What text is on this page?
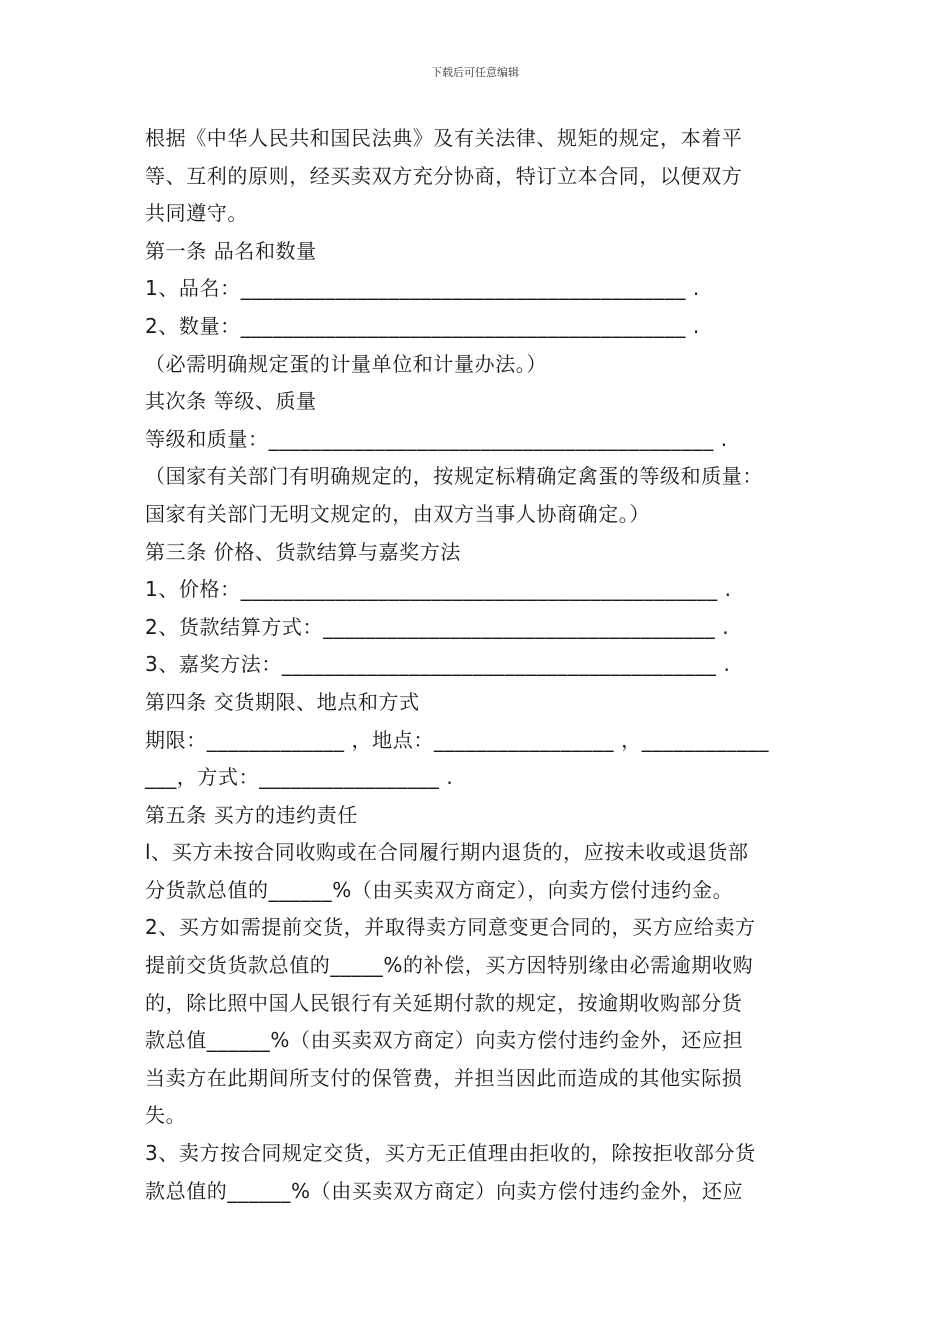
下载后可任意编辑
根据《中华人民共和国民法典》及有关法律、规矩的规定，本着平
等、互利的原则，经买卖双方充分协商，特订立本合同，以便双方
共同遵守。
第一条 品名和数量
1、品名：__________________________________________ .
2、数量：__________________________________________ .
（必需明确规定蛋的计量单位和计量办法。）
其次条 等级、质量
等级和质量：__________________________________________ .
（国家有关部门有明确规定的，按规定标精确定禽蛋的等级和质量：
国家有关部门无明文规定的，由双方当事人协商确定。）
第三条 价格、货款结算与嘉奖方法
1、价格：_____________________________________________ .
2、货款结算方式：_____________________________________ .
3、嘉奖方法：_________________________________________ .
第四条 交货期限、地点和方式
期限：_____________ ，地点：_________________ ，____________
___，方式：_________________ .
第五条 买方的违约责任
l、买方未按合同收购或在合同履行期内退货的，应按未收或退货部
分货款总值的______%（由买卖双方商定），向卖方偿付违约金。
2、买方如需提前交货，并取得卖方同意变更合同的，买方应给卖方
提前交货货款总值的_____%的补偿，买方因特别缘由必需逾期收购
的，除比照中国人民银行有关延期付款的规定，按逾期收购部分货
款总值______%（由买卖双方商定）向卖方偿付违约金外，还应担
当卖方在此期间所支付的保管费，并担当因此而造成的其他实际损
失。
3、卖方按合同规定交货，买方无正值理由拒收的，除按拒收部分货
款总值的______%（由买卖双方商定）向卖方偿付违约金外，还应
